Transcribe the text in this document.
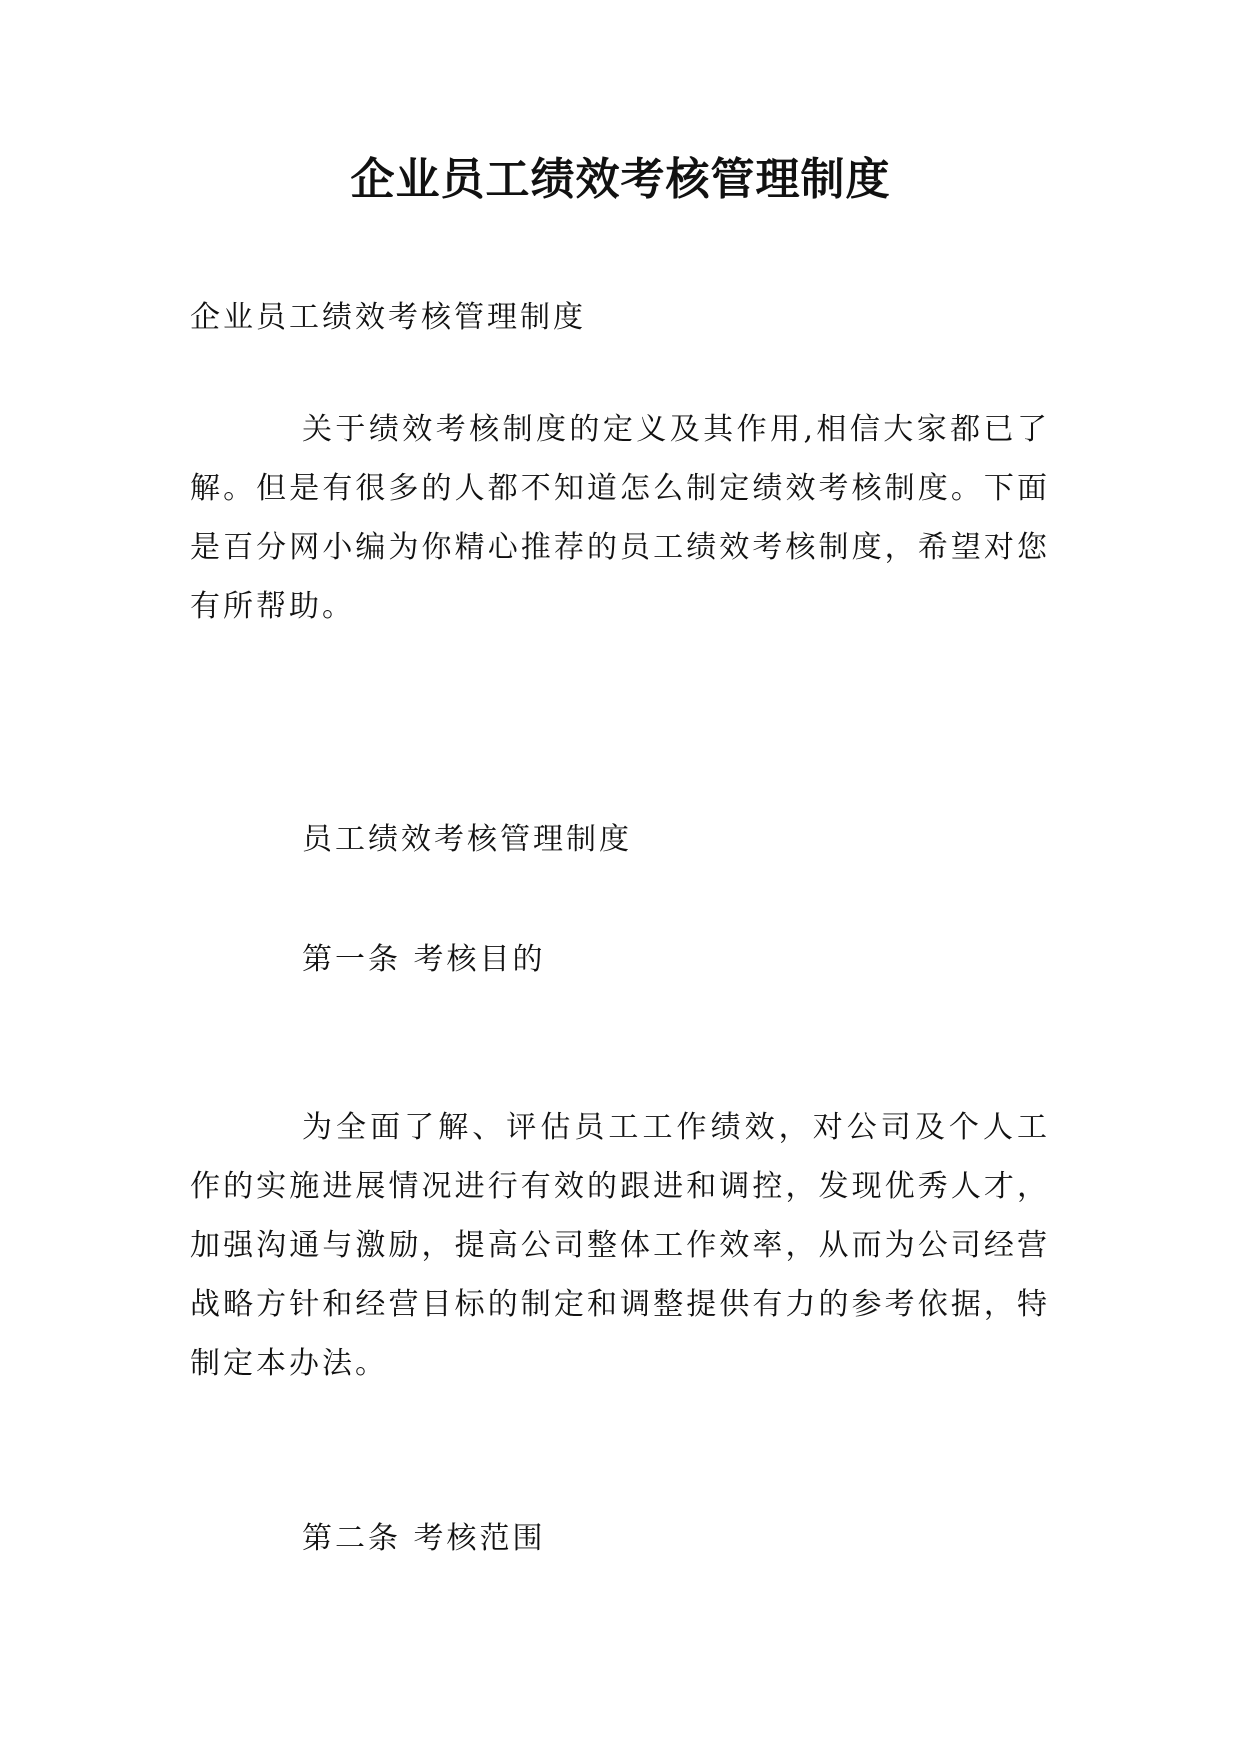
企业员工绩效考核管理制度

企业员工绩效考核管理制度

关于绩效考核制度的定义及其作用,相信大家都已了解。但是有很多的人都不知道怎么制定绩效考核制度。下面是百分网小编为你精心推荐的员工绩效考核制度，希望对您有所帮助。

员工绩效考核管理制度

第一条 考核目的

为全面了解、评估员工工作绩效，对公司及个人工作的实施进展情况进行有效的跟进和调控，发现优秀人才，加强沟通与激励，提高公司整体工作效率，从而为公司经营战略方针和经营目标的制定和调整提供有力的参考依据，特制定本办法。

第二条 考核范围
